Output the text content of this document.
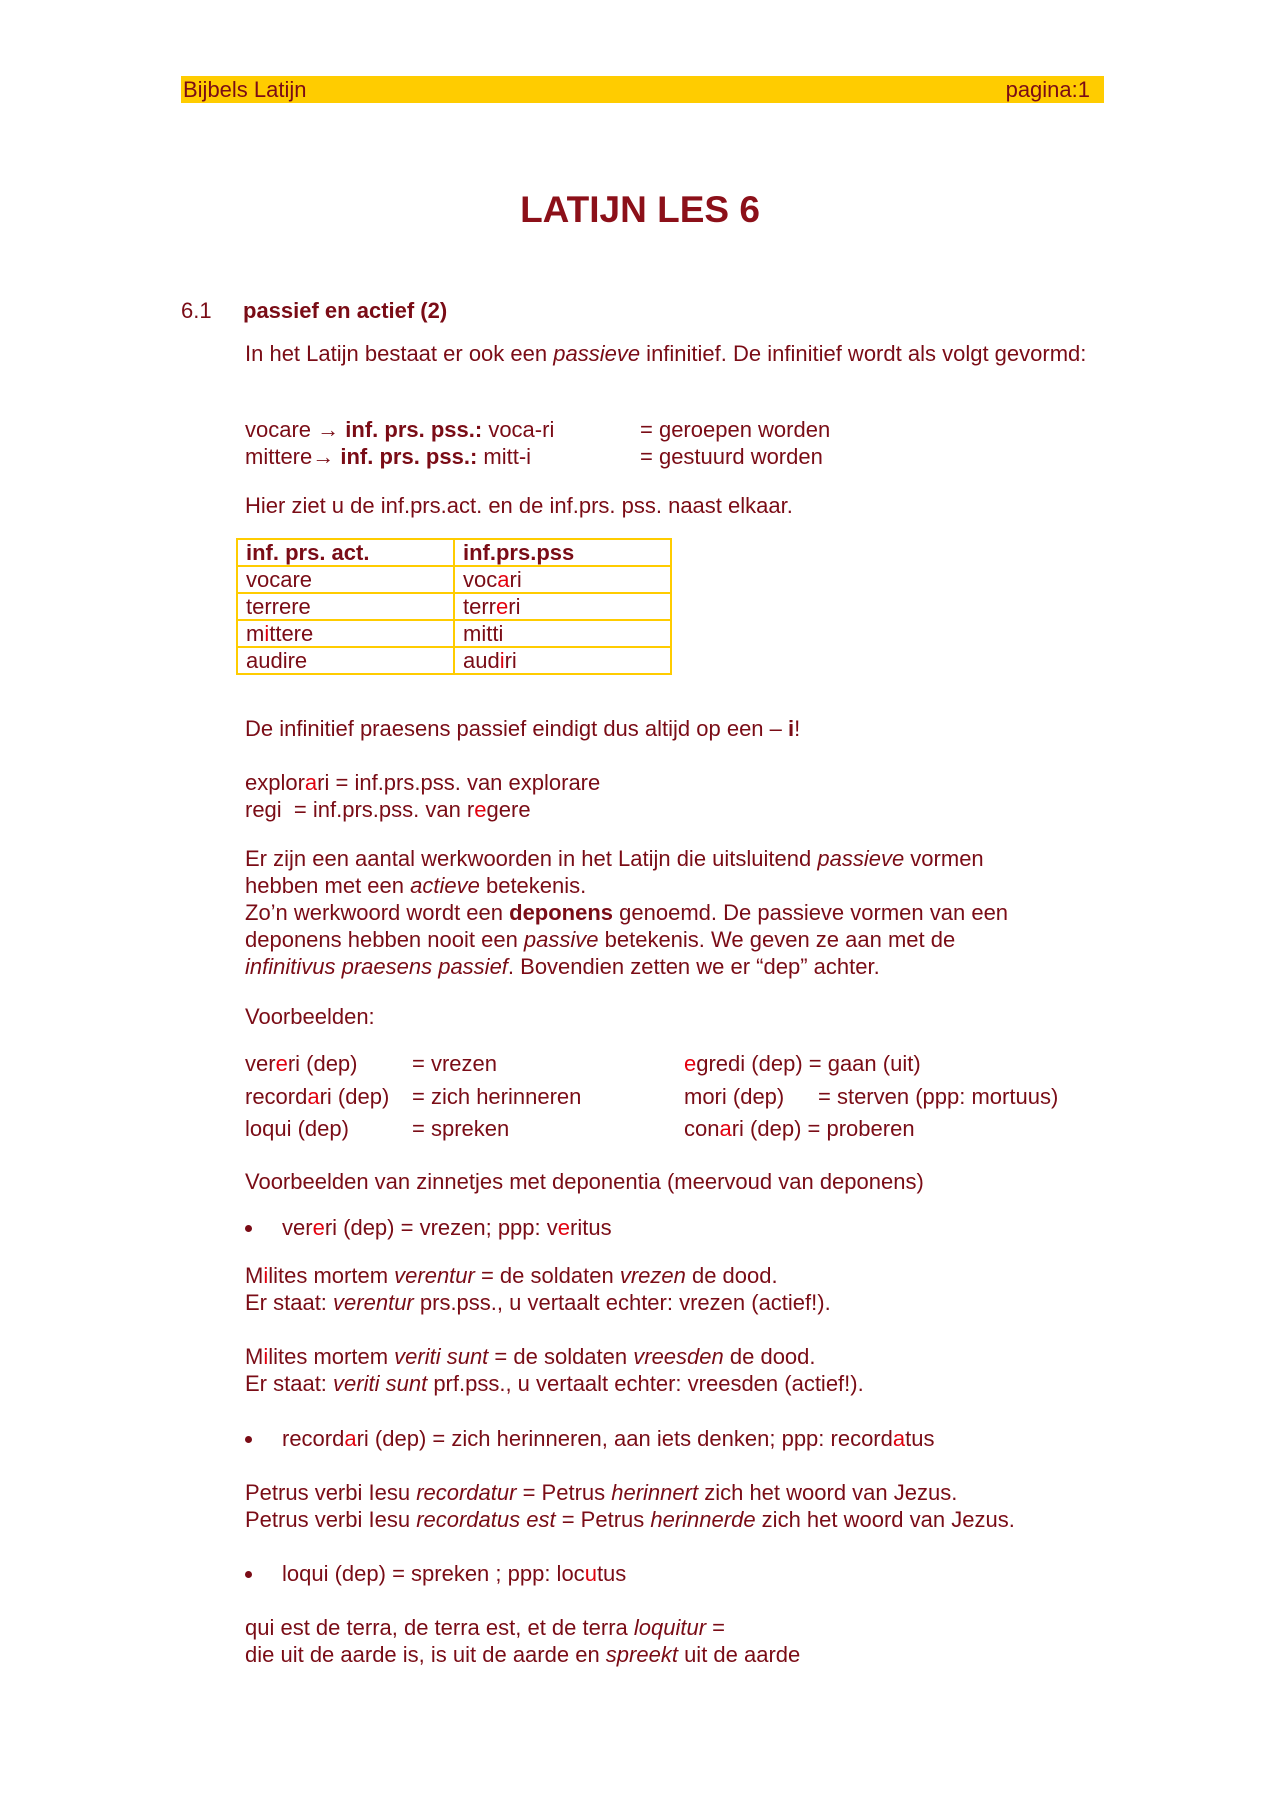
Bijbels Latijn	pagina:1
LATIJN LES 6
6.1 passief en actief (2)
In het Latijn bestaat er ook een passieve infinitief. De infinitief wordt als volgt gevormd:
vocare → inf. prs. pss.: voca-ri	= geroepen worden
mittere→ inf. prs. pss.: mitt-i	= gestuurd worden
Hier ziet u de inf.prs.act. en de inf.prs. pss. naast elkaar.
inf. prs. act.	inf.prs.pss
vocare	vocari
terrere	terreri
mittere	mitti
audire	audiri
De infinitief praesens passief eindigt dus altijd op een – i!
explorari = inf.prs.pss. van explorare
regi  = inf.prs.pss. van regere
Er zijn een aantal werkwoorden in het Latijn die uitsluitend passieve vormen
hebben met een actieve betekenis.
Zo’n werkwoord wordt een deponens genoemd. De passieve vormen van een
deponens hebben nooit een passive betekenis. We geven ze aan met de
infinitivus praesens passief. Bovendien zetten we er “dep” achter.
Voorbeelden:
vereri (dep) = vrezen	egredi (dep) = gaan (uit)
recordari (dep) = zich herinneren	mori (dep) = sterven (ppp: mortuus)
loqui (dep)	= spreken	conari (dep) = proberen
Voorbeelden van zinnetjes met deponentia (meervoud van deponens)
vereri (dep) = vrezen; ppp: veritus
Milites mortem verentur = de soldaten vrezen de dood.
Er staat: verentur prs.pss., u vertaalt echter: vrezen (actief!).
Milites mortem veriti sunt = de soldaten vreesden de dood.
Er staat: veriti sunt prf.pss., u vertaalt echter: vreesden (actief!).
recordari (dep) = zich herinneren, aan iets denken; ppp: recordatus
Petrus verbi Iesu recordatur = Petrus herinnert zich het woord van Jezus.
Petrus verbi Iesu recordatus est = Petrus herinnerde zich het woord van Jezus.
loqui (dep) = spreken ; ppp: locutus
qui est de terra, de terra est, et de terra loquitur =
die uit de aarde is, is uit de aarde en spreekt uit de aarde
